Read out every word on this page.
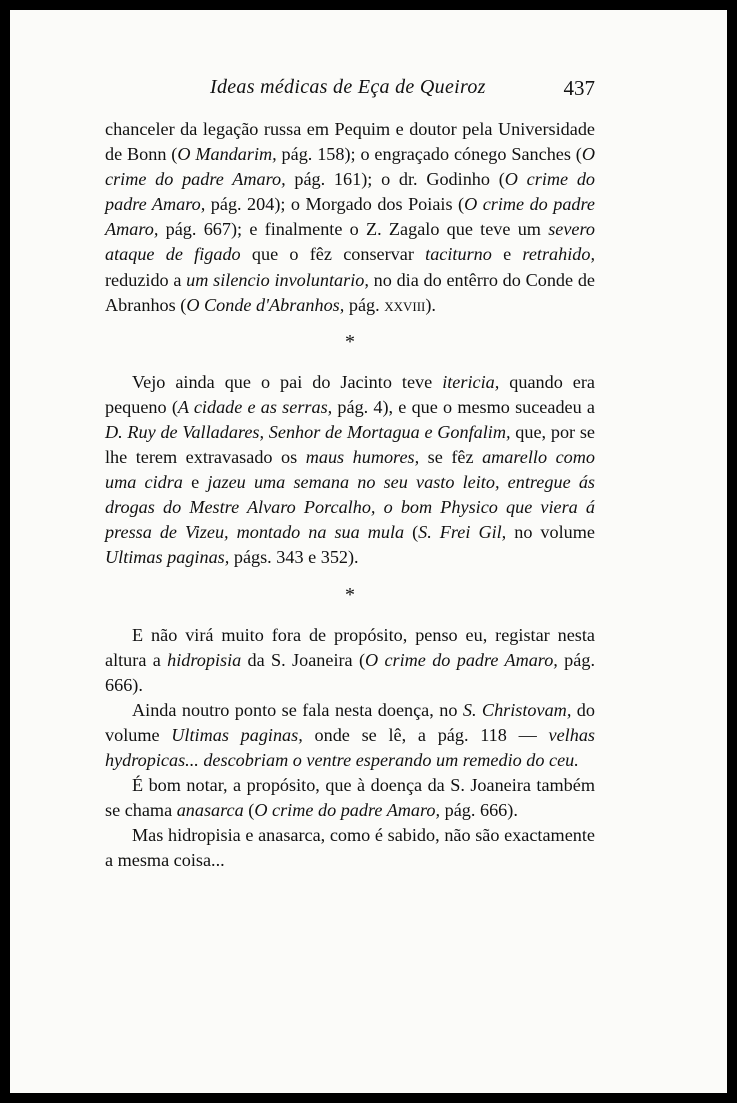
Ideas médicas de Eça de Queiroz	437

chanceler da legação russa em Pequim e doutor pela Universidade de Bonn (O Mandarim, pág. 158); o engraçado cónego Sanches (O crime do padre Amaro, pág. 161); o dr. Godinho (O crime do padre Amaro, pág. 204); o Morgado dos Poiais (O crime do padre Amaro, pág. 667); e finalmente o Z. Zagalo que teve um severo ataque de figado que o fêz conservar taciturno e retrahido, reduzido a um silencio involuntario, no dia do entêrro do Conde de Abranhos (O Conde d'Abranhos, pág. xxviii).

*

Vejo ainda que o pai do Jacinto teve itericia, quando era pequeno (A cidade e as serras, pág. 4), e que o mesmo suceadeu a D. Ruy de Valladares, Senhor de Mortagua e Gonfalim, que, por se lhe terem extravasado os maus humores, se fêz amarello como uma cidra e jazeu uma semana no seu vasto leito, entregue ás drogas do Mestre Alvaro Porcalho, o bom Physico que viera á pressa de Vizeu, montado na sua mula (S. Frei Gil, no volume Ultimas paginas, págs. 343 e 352).

*

E não virá muito fora de propósito, penso eu, registar nesta altura a hidropisia da S. Joaneira (O crime do padre Amaro, pág. 666).

Ainda noutro ponto se fala nesta doença, no S. Christovam, do volume Ultimas paginas, onde se lê, a pág. 118 — velhas hydropicas... descobriam o ventre esperando um remedio do ceu.

É bom notar, a propósito, que à doença da S. Joaneira também se chama anasarca (O crime do padre Amaro, pág. 666).

Mas hidropisia e anasarca, como é sabido, não são exactamente a mesma coisa...
